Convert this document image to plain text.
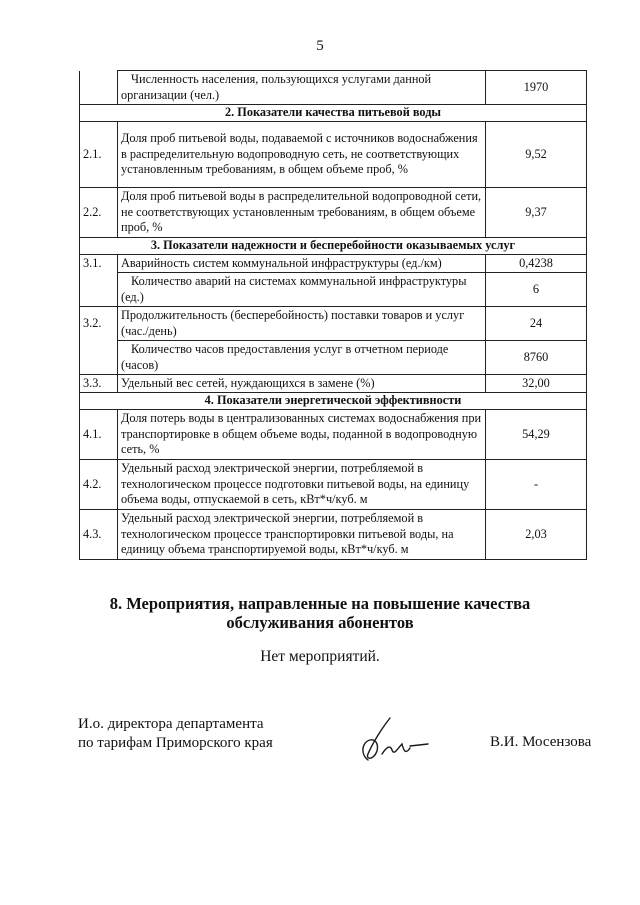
5
	Численность населения, пользующихся услугами данной организации (чел.)	1970
2. Показатели качества питьевой воды		
2.1.	Доля проб питьевой воды, подаваемой с источников водоснабжения в распределительную водопроводную сеть, не соответствующих установленным требованиям, в общем объеме проб, %	9,52
2.2.	Доля проб питьевой воды в распределительной водопроводной сети, не соответствующих установленным требованиям, в общем объеме проб, %	9,37
3. Показатели надежности и бесперебойности оказываемых услуг		
3.1.	Аварийность систем коммунальной инфраструктуры (ед./км)	0,4238
	Количество аварий на системах коммунальной инфраструктуры (ед.)	6
3.2.	Продолжительность (бесперебойность) поставки товаров и услуг (час./день)	24
	Количество часов предоставления услуг в отчетном периоде (часов)	8760
3.3.	Удельный вес сетей, нуждающихся в замене (%)	32,00
4. Показатели энергетической эффективности		
4.1.	Доля потерь воды в централизованных системах водоснабжения при транспортировке в общем объеме воды, поданной в водопроводную сеть, %	54,29
4.2.	Удельный расход электрической энергии, потребляемой в технологическом процессе подготовки питьевой воды, на единицу объема воды, отпускаемой в сеть, кВт*ч/куб. м	-
4.3.	Удельный расход электрической энергии, потребляемой в технологическом процессе транспортировки питьевой воды, на единицу объема транспортируемой воды, кВт*ч/куб. м	2,03
8. Мероприятия, направленные на повышение качества
обслуживания абонентов
Нет мероприятий.
И.о. директора департамента
по тарифам Приморского края	В.И. Мосензова
